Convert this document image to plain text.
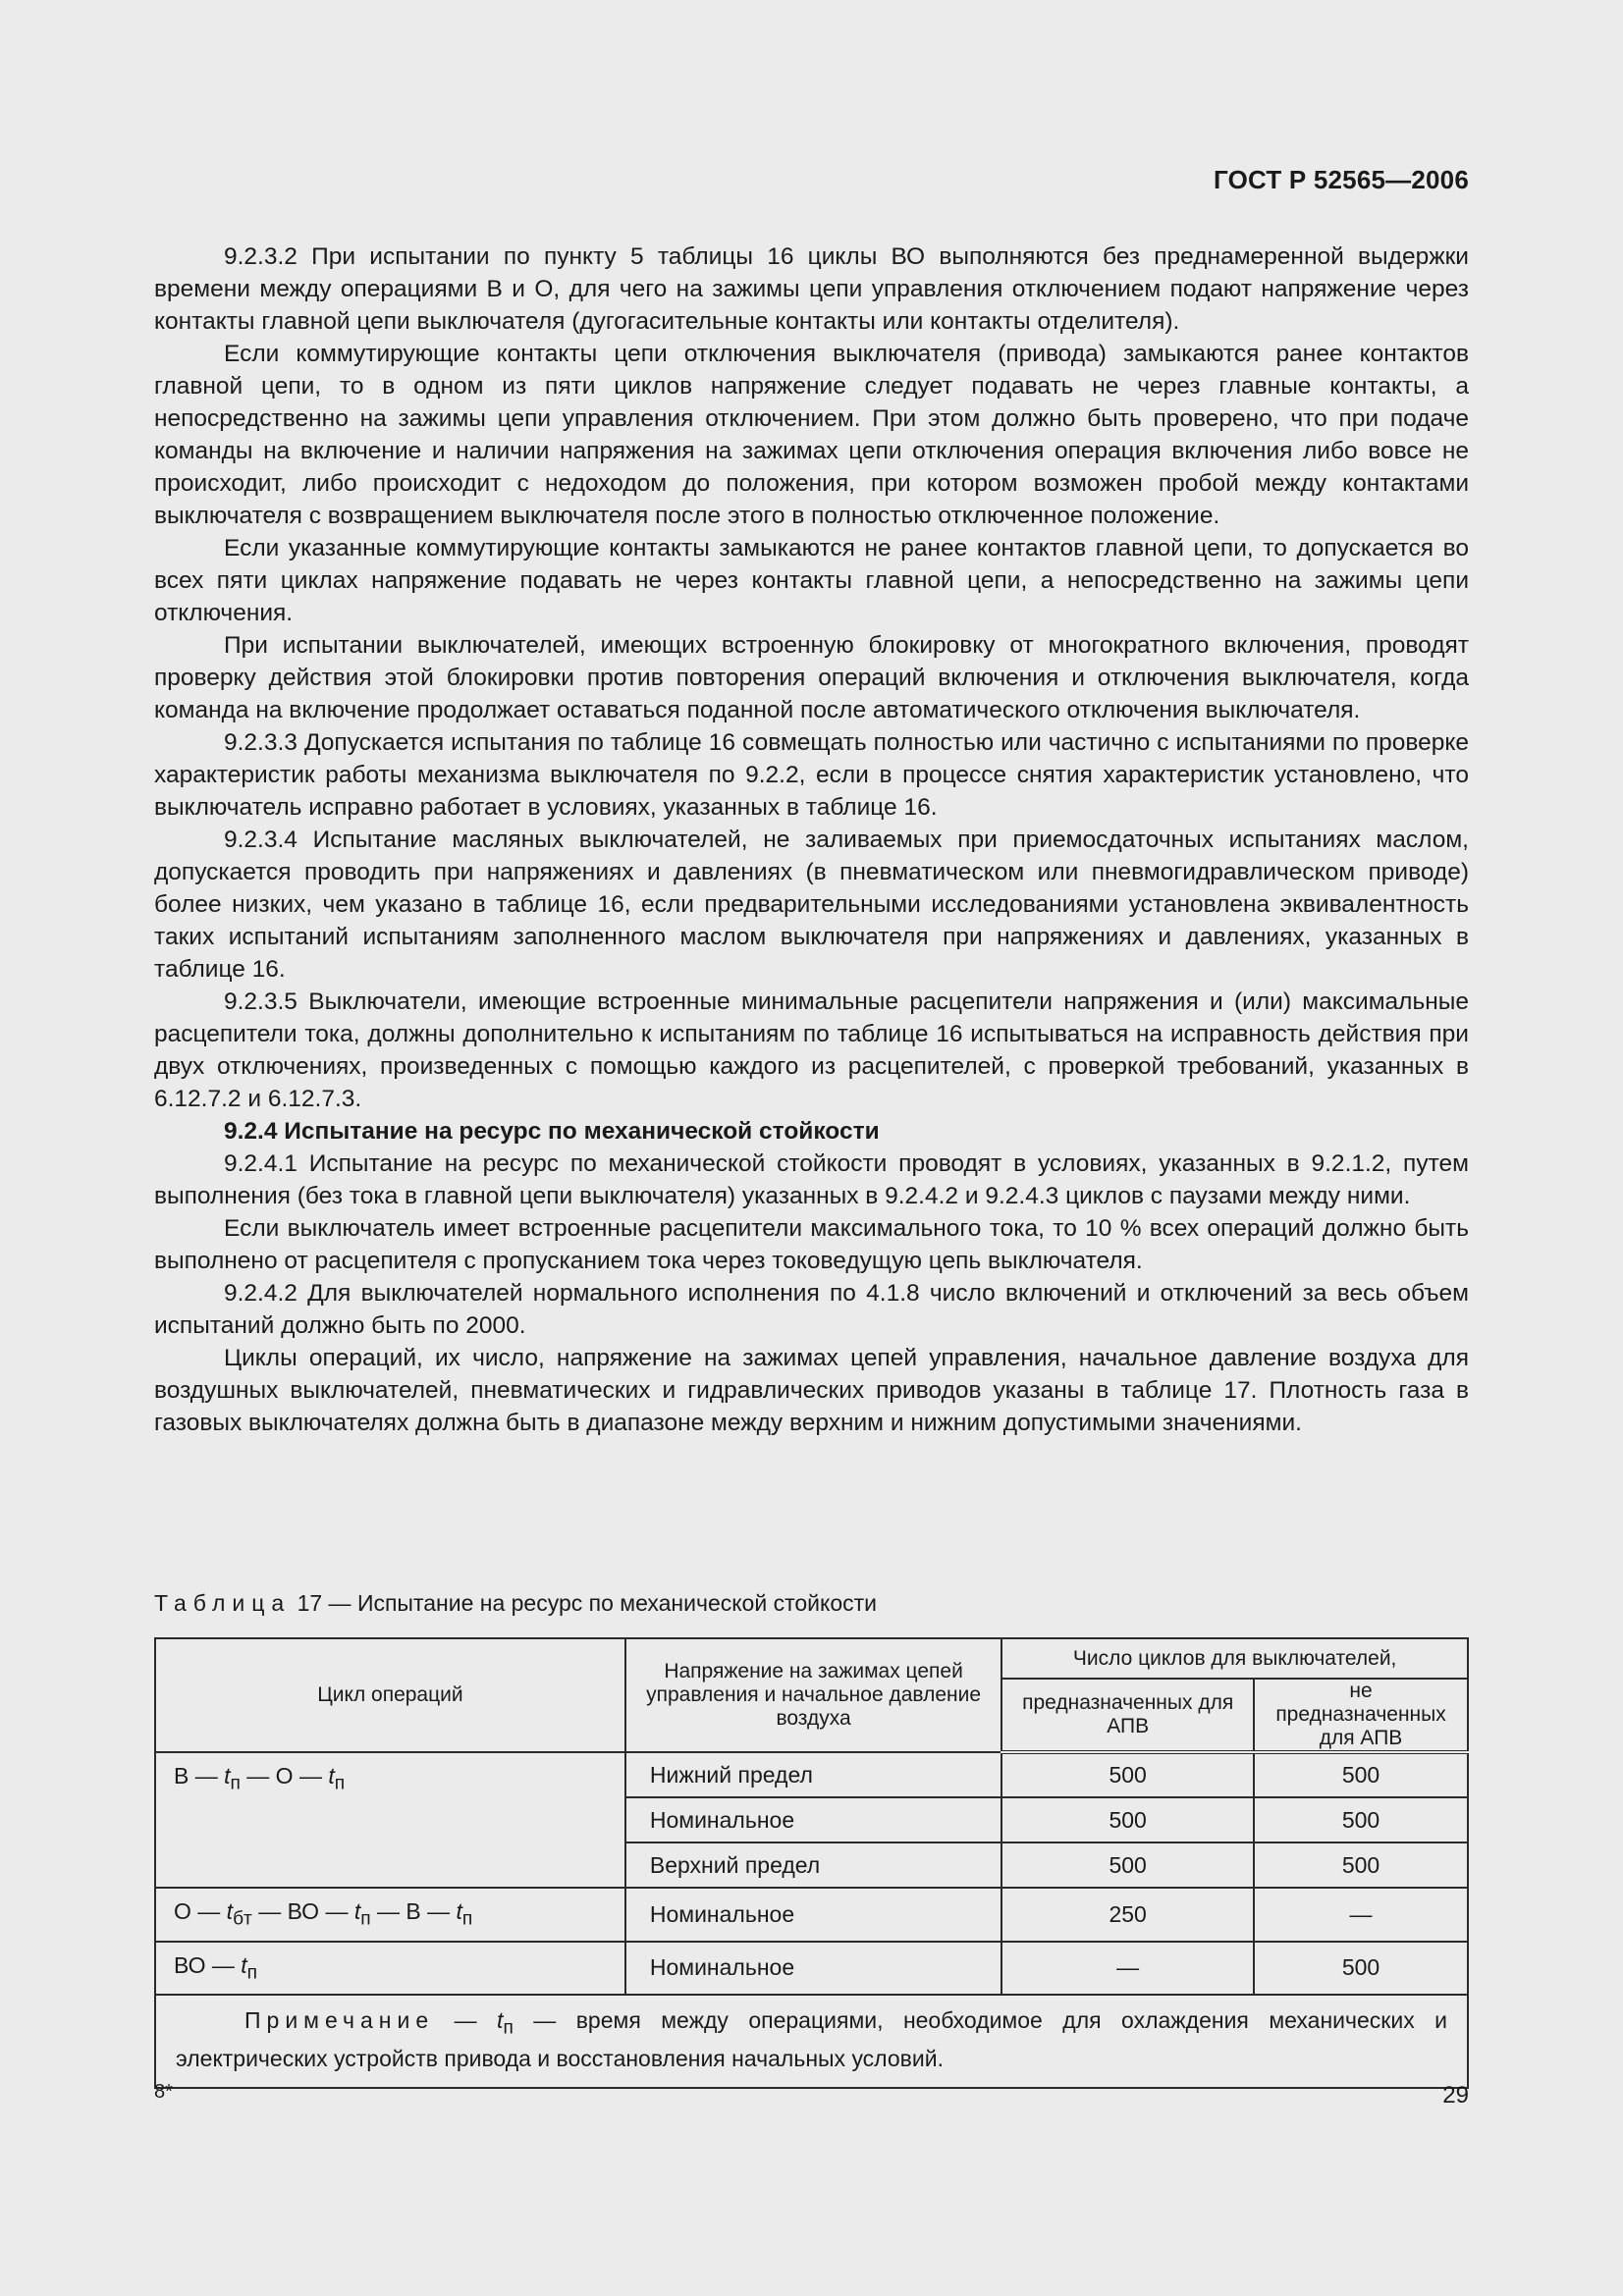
ГОСТ Р 52565—2006

9.2.3.2 При испытании по пункту 5 таблицы 16 циклы ВО выполняются без преднамеренной выдержки времени между операциями В и О, для чего на зажимы цепи управления отключением подают напряжение через контакты главной цепи выключателя (дугогасительные контакты или контакты отделителя).

Если коммутирующие контакты цепи отключения выключателя (привода) замыкаются ранее контактов главной цепи, то в одном из пяти циклов напряжение следует подавать не через главные контакты, а непосредственно на зажимы цепи управления отключением. При этом должно быть проверено, что при подаче команды на включение и наличии напряжения на зажимах цепи отключения операция включения либо вовсе не происходит, либо происходит с недоходом до положения, при котором возможен пробой между контактами выключателя с возвращением выключателя после этого в полностью отключенное положение.

Если указанные коммутирующие контакты замыкаются не ранее контактов главной цепи, то допускается во всех пяти циклах напряжение подавать не через контакты главной цепи, а непосредственно на зажимы цепи отключения.

При испытании выключателей, имеющих встроенную блокировку от многократного включения, проводят проверку действия этой блокировки против повторения операций включения и отключения выключателя, когда команда на включение продолжает оставаться поданной после автоматического отключения выключателя.

9.2.3.3 Допускается испытания по таблице 16 совмещать полностью или частично с испытаниями по проверке характеристик работы механизма выключателя по 9.2.2, если в процессе снятия характеристик установлено, что выключатель исправно работает в условиях, указанных в таблице 16.

9.2.3.4 Испытание масляных выключателей, не заливаемых при приемосдаточных испытаниях маслом, допускается проводить при напряжениях и давлениях (в пневматическом или пневмогидравлическом приводе) более низких, чем указано в таблице 16, если предварительными исследованиями установлена эквивалентность таких испытаний испытаниям заполненного маслом выключателя при напряжениях и давлениях, указанных в таблице 16.

9.2.3.5 Выключатели, имеющие встроенные минимальные расцепители напряжения и (или) максимальные расцепители тока, должны дополнительно к испытаниям по таблице 16 испытываться на исправность действия при двух отключениях, произведенных с помощью каждого из расцепителей, с проверкой требований, указанных в 6.12.7.2 и 6.12.7.3.

9.2.4 Испытание на ресурс по механической стойкости

9.2.4.1 Испытание на ресурс по механической стойкости проводят в условиях, указанных в 9.2.1.2, путем выполнения (без тока в главной цепи выключателя) указанных в 9.2.4.2 и 9.2.4.3 циклов с паузами между ними.

Если выключатель имеет встроенные расцепители максимального тока, то 10 % всех операций должно быть выполнено от расцепителя с пропусканием тока через токоведущую цепь выключателя.

9.2.4.2 Для выключателей нормального исполнения по 4.1.8 число включений и отключений за весь объем испытаний должно быть по 2000.

Циклы операций, их число, напряжение на зажимах цепей управления, начальное давление воздуха для воздушных выключателей, пневматических и гидравлических приводов указаны в таблице 17. Плотность газа в газовых выключателях должна быть в диапазоне между верхним и нижним допустимыми значениями.

Таблица 17 — Испытание на ресурс по механической стойкости
Цикл операций	Напряжение на зажимах цепей управления и начальное давление воздуха	Число циклов для выключателей,	
		предназначенных для АПВ	не предназначенных для АПВ
В — $t_п$ — О — $t_п$	Нижний предел	500	500
	Номинальное	500	500
	Верхний предел	500	500
О — $t_{бт}$ — ВО — $t_п$ — В — $t_п$	Номинальное	250	—
ВО — $t_п$	Номинальное	—	500
Примечание — $t_п$ — время между операциями, необходимое для охлаждения механических и электрических устройств привода и восстановления начальных условий.			
8*	29
